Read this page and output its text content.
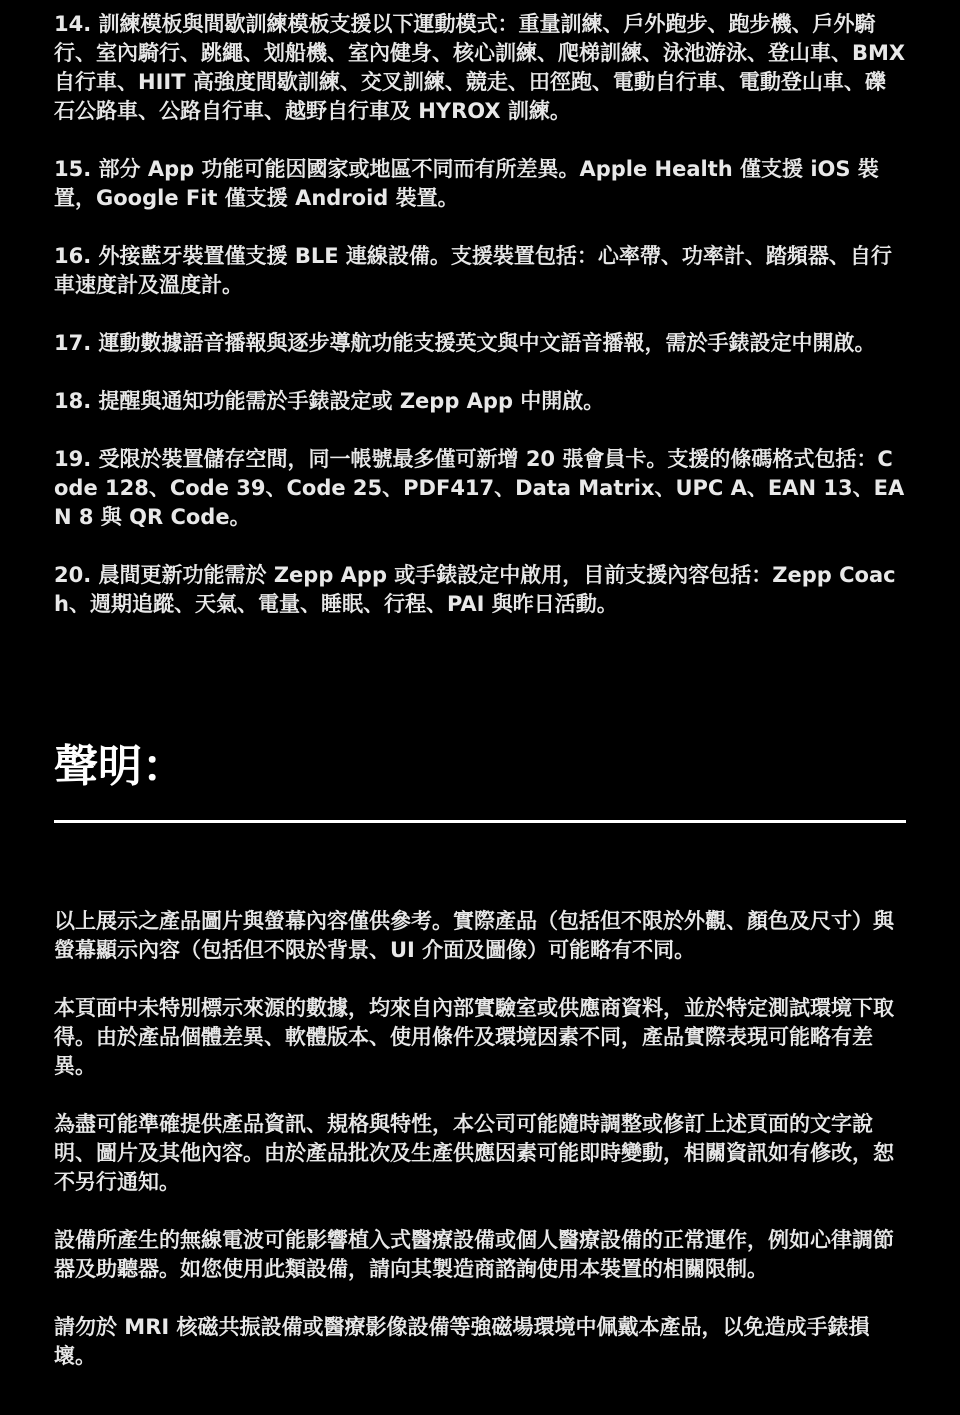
14. 訓練模板與間歇訓練模板支援以下運動模式：重量訓練、戶外跑步、跑步機、戶外騎行、室內騎行、跳繩、划船機、室內健身、核心訓練、爬梯訓練、泳池游泳、登山車、BMX 自行車、HIIT 高強度間歇訓練、交叉訓練、競走、田徑跑、電動自行車、電動登山車、礫石公路車、公路自行車、越野自行車及 HYROX 訓練。

15. 部分 App 功能可能因國家或地區不同而有所差異。Apple Health 僅支援 iOS 裝置，Google Fit 僅支援 Android 裝置。

16. 外接藍牙裝置僅支援 BLE 連線設備。支援裝置包括：心率帶、功率計、踏頻器、自行車速度計及溫度計。

17. 運動數據語音播報與逐步導航功能支援英文與中文語音播報，需於手錶設定中開啟。

18. 提醒與通知功能需於手錶設定或 Zepp App 中開啟。

19. 受限於裝置儲存空間，同一帳號最多僅可新增 20 張會員卡。支援的條碼格式包括：Code 128、Code 39、Code 25、PDF417、Data Matrix、UPC A、EAN 13、EAN 8 與 QR Code。

20. 晨間更新功能需於 Zepp App 或手錶設定中啟用，目前支援內容包括：Zepp Coach、週期追蹤、天氣、電量、睡眠、行程、PAI 與昨日活動。

聲明：

以上展示之產品圖片與螢幕內容僅供參考。實際產品（包括但不限於外觀、顏色及尺寸）與螢幕顯示內容（包括但不限於背景、UI 介面及圖像）可能略有不同。

本頁面中未特別標示來源的數據，均來自內部實驗室或供應商資料，並於特定測試環境下取得。由於產品個體差異、軟體版本、使用條件及環境因素不同，產品實際表現可能略有差異。

為盡可能準確提供產品資訊、規格與特性，本公司可能隨時調整或修訂上述頁面的文字說明、圖片及其他內容。由於產品批次及生產供應因素可能即時變動，相關資訊如有修改，恕不另行通知。

設備所產生的無線電波可能影響植入式醫療設備或個人醫療設備的正常運作，例如心律調節器及助聽器。如您使用此類設備，請向其製造商諮詢使用本裝置的相關限制。

請勿於 MRI 核磁共振設備或醫療影像設備等強磁場環境中佩戴本產品，以免造成手錶損壞。
